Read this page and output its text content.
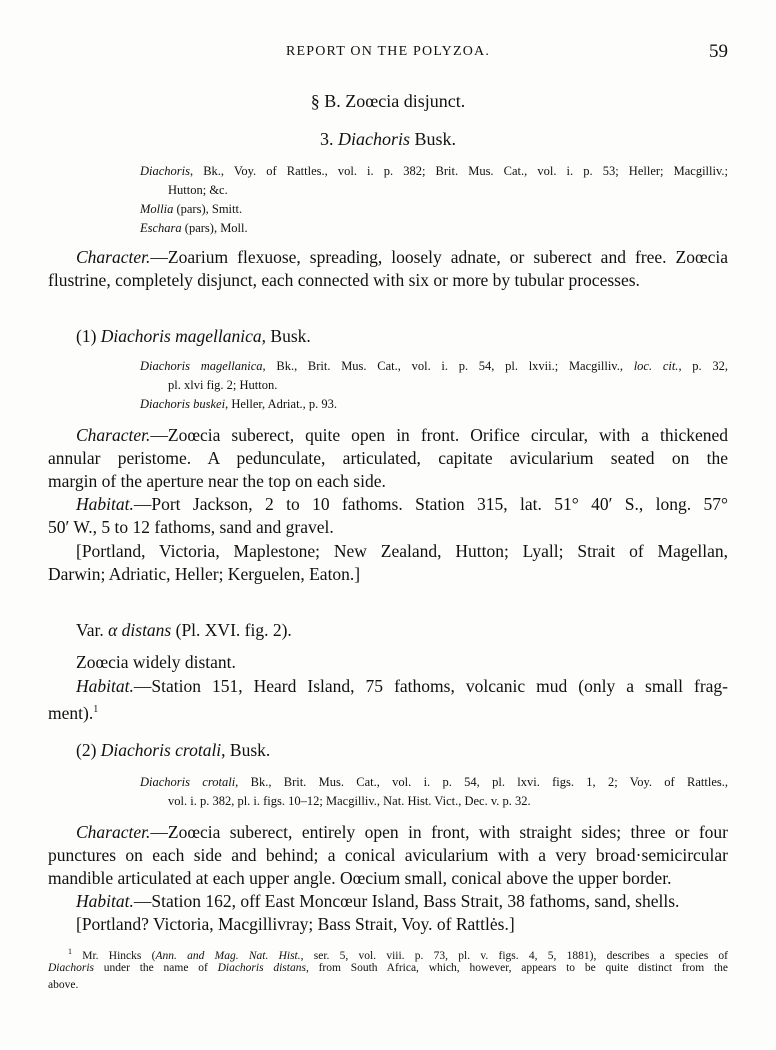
REPORT ON THE POLYZOA.	59
§ B. Zoœcia disjunct.
3. Diachoris Busk.
Diachoris, Bk., Voy. of Rattles., vol. i. p. 382; Brit. Mus. Cat., vol. i. p. 53; Heller; Macgilliv.;
Hutton; &c.
Mollia (pars), Smitt.
Eschara (pars), Moll.
Character.—Zoarium flexuose, spreading, loosely adnate, or suberect and free. Zoœcia
flustrine, completely disjunct, each connected with six or more by tubular processes.
(1) Diachoris magellanica, Busk.
Diachoris magellanica, Bk., Brit. Mus. Cat., vol. i. p. 54, pl. lxvii.; Macgilliv., loc. cit., p. 32,
pl. xlvi fig. 2; Hutton.
Diachoris buskei, Heller, Adriat., p. 93.
Character.—Zoœcia suberect, quite open in front. Orifice circular, with a thickened
annular peristome. A pedunculate, articulated, capitate avicularium seated on the
margin of the aperture near the top on each side.
Habitat.—Port Jackson, 2 to 10 fathoms. Station 315, lat. 51° 40′ S., long. 57°
50′ W., 5 to 12 fathoms, sand and gravel.
[Portland, Victoria, Maplestone; New Zealand, Hutton; Lyall; Strait of Magellan,
Darwin; Adriatic, Heller; Kerguelen, Eaton.]
Var. α distans (Pl. XVI. fig. 2).
Zoœcia widely distant.
Habitat.—Station 151, Heard Island, 75 fathoms, volcanic mud (only a small frag-
ment).$^1$
(2) Diachoris crotali, Busk.
Diachoris crotali, Bk., Brit. Mus. Cat., vol. i. p. 54, pl. lxvi. figs. 1, 2; Voy. of Rattles.,
vol. i. p. 382, pl. i. figs. 10–12; Macgilliv., Nat. Hist. Vict., Dec. v. p. 32.
Character.—Zoœcia suberect, entirely open in front, with straight sides; three or four
punctures on each side and behind; a conical avicularium with a very broad·semicircular
mandible articulated at each upper angle. Oœcium small, conical above the upper border.
Habitat.—Station 162, off East Moncœur Island, Bass Strait, 38 fathoms, sand, shells.
[Portland? Victoria, Macgillivray; Bass Strait, Voy. of Rattlės.]
$^1$ Mr. Hincks (Ann. and Mag. Nat. Hist., ser. 5, vol. viii. p. 73, pl. v. figs. 4, 5, 1881), describes a species of
Diachoris under the name of Diachoris distans, from South Africa, which, however, appears to be quite distinct from the
above.
